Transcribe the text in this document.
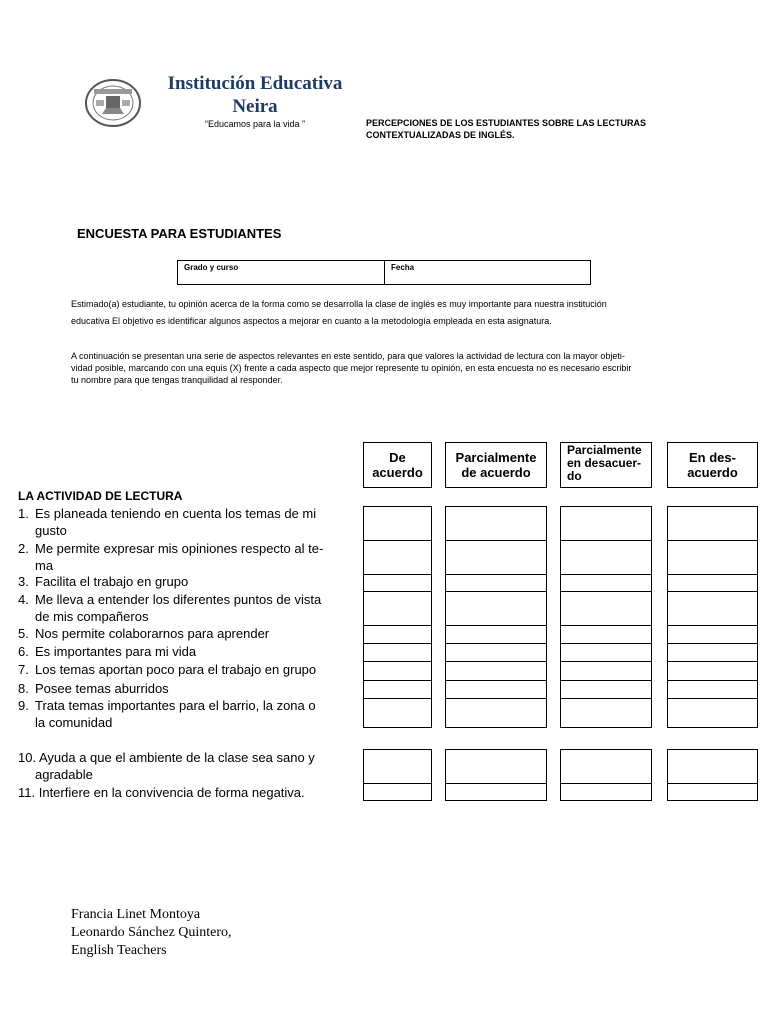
Institución Educativa
Neira
“Educamos para la vida ”	PERCEPCIONES DE LOS ESTUDIANTES SOBRE LAS LECTURAS
CONTEXTUALIZADAS DE INGLÉS.
ENCUESTA PARA ESTUDIANTES
Grado y curso	Fecha
Estimado(a) estudiante, tu opinión acerca de la forma como se desarrolla la clase de inglés es muy importante para nuestra institución
educativa El objetivo es identificar algunos aspectos a mejorar en cuanto a la metodología empleada en esta asignatura.
A continuación se presentan una serie de aspectos relevantes en este sentido, para que valores la actividad de lectura con la mayor objeti-
vidad posible, marcando con una equis (X) frente a cada aspecto que mejor represente tu opinión, en esta encuesta no es necesario escribir
tu nombre para que tengas tranquilidad al responder.
De
acuerdo
Parcialmente
de acuerdo
Parcialmente
en desacuer-
do
En des-
acuerdo
LA ACTIVIDAD DE LECTURA
1. Es planeada teniendo en cuenta los temas de mi
gusto
2. Me permite expresar mis opiniones respecto al te-
ma
3. Facilita el trabajo en grupo
4. Me lleva a entender los diferentes puntos de vista
de mis compañeros
5. Nos permite colaborarnos para aprender
6. Es importantes para mi vida
7. Los temas aportan poco para el trabajo en grupo
8. Posee temas aburridos
9. Trata temas importantes para el barrio, la zona o
la comunidad
10. Ayuda a que el ambiente de la clase sea sano y
agradable
11. Interfiere en la convivencia de forma negativa.
Francia Linet Montoya
Leonardo Sánchez Quintero,
English Teachers
